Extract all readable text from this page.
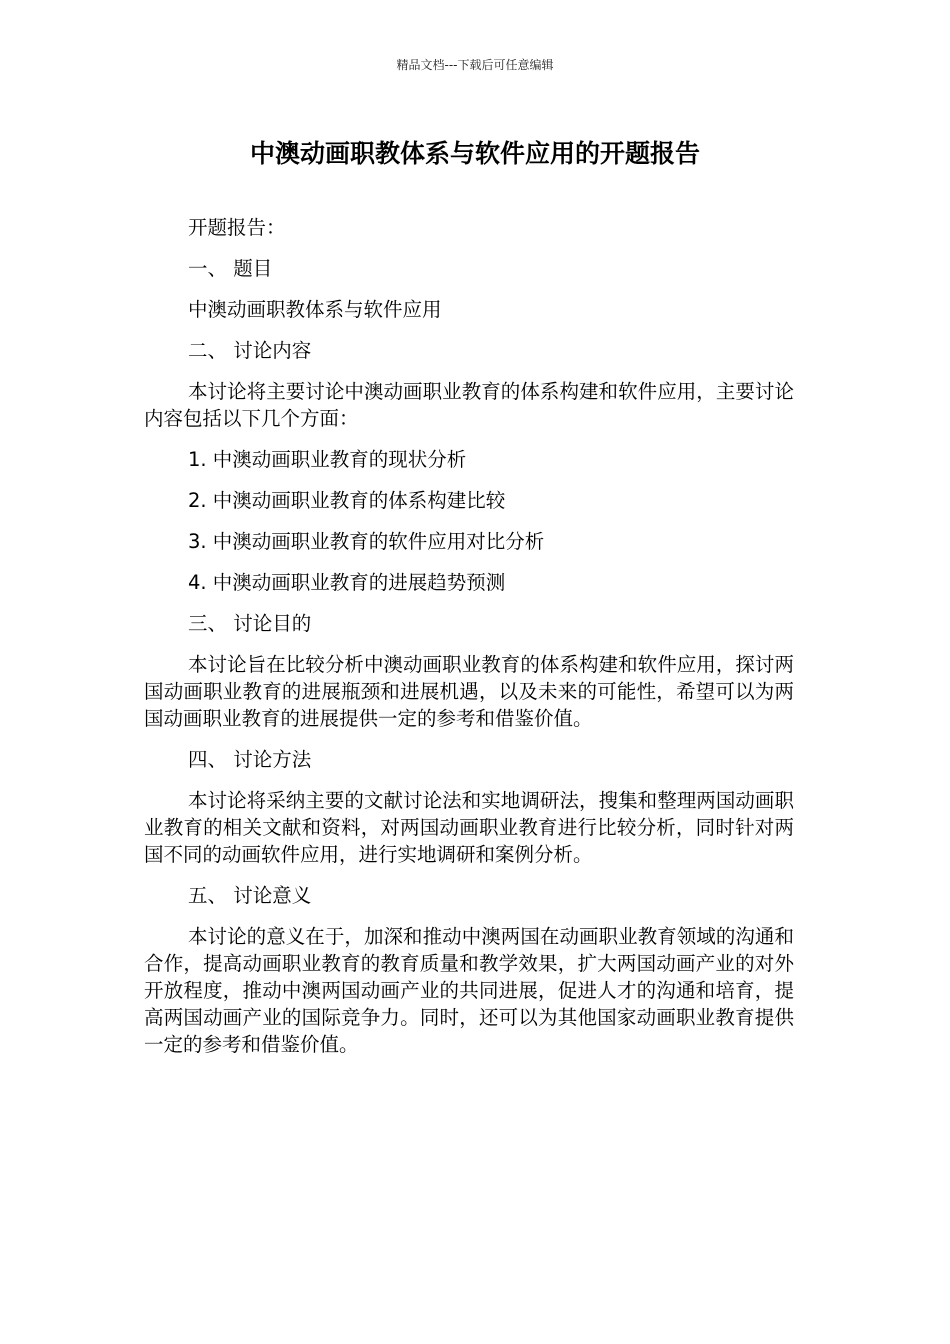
精品文档---下载后可任意编辑
中澳动画职教体系与软件应用的开题报告
开题报告：
一、 题目
中澳动画职教体系与软件应用
二、 讨论内容
本讨论将主要讨论中澳动画职业教育的体系构建和软件应用，主要讨论内容包括以下几个方面：
1. 中澳动画职业教育的现状分析
2. 中澳动画职业教育的体系构建比较
3. 中澳动画职业教育的软件应用对比分析
4. 中澳动画职业教育的进展趋势预测
三、 讨论目的
本讨论旨在比较分析中澳动画职业教育的体系构建和软件应用，探讨两国动画职业教育的进展瓶颈和进展机遇，以及未来的可能性，希望可以为两国动画职业教育的进展提供一定的参考和借鉴价值。
四、 讨论方法
本讨论将采纳主要的文献讨论法和实地调研法，搜集和整理两国动画职业教育的相关文献和资料，对两国动画职业教育进行比较分析，同时针对两国不同的动画软件应用，进行实地调研和案例分析。
五、 讨论意义
本讨论的意义在于，加深和推动中澳两国在动画职业教育领域的沟通和合作，提高动画职业教育的教育质量和教学效果，扩大两国动画产业的对外开放程度，推动中澳两国动画产业的共同进展，促进人才的沟通和培育，提高两国动画产业的国际竞争力。同时，还可以为其他国家动画职业教育提供一定的参考和借鉴价值。
